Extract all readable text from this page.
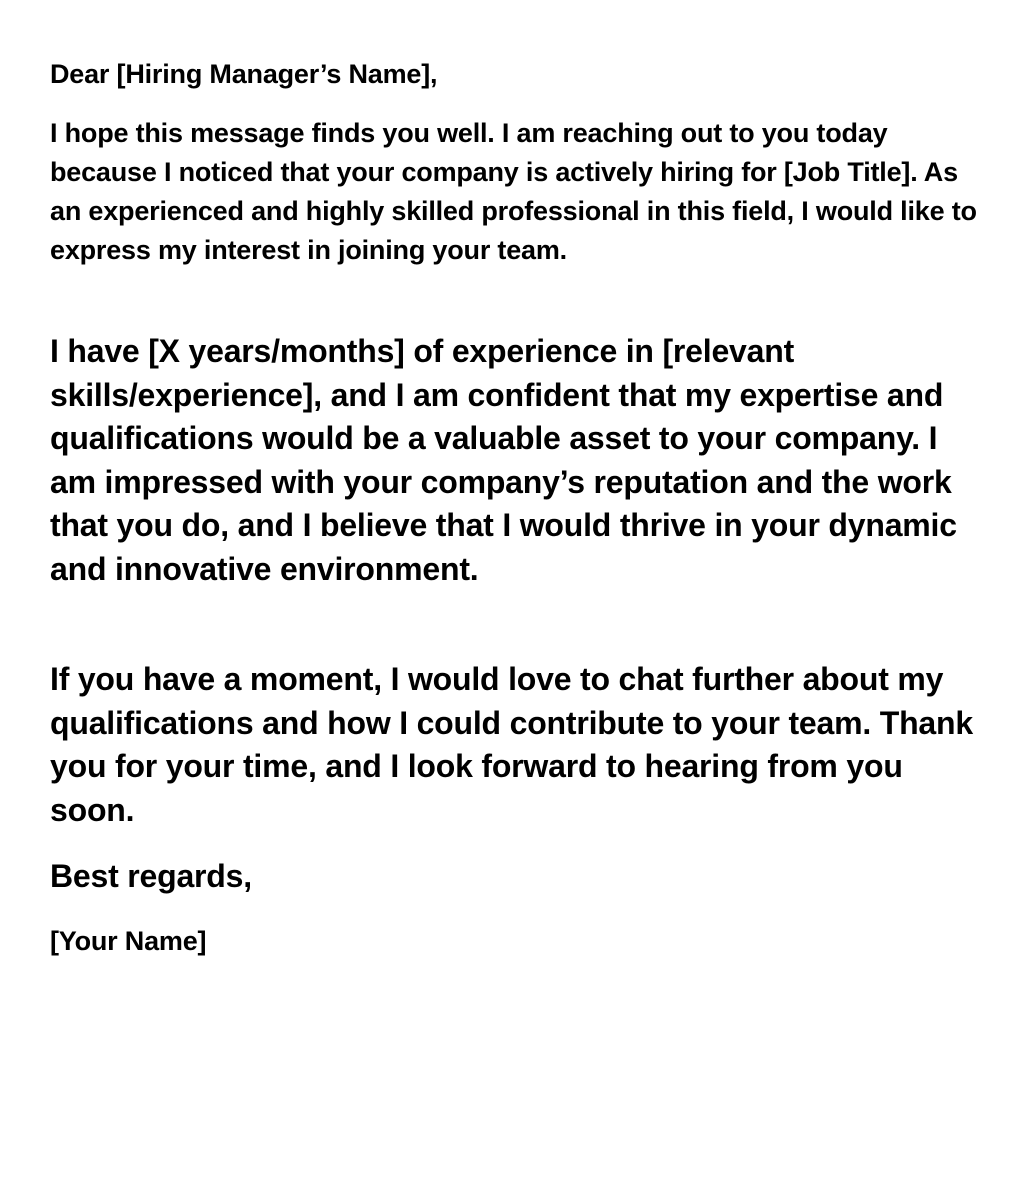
Dear [Hiring Manager’s Name],

I hope this message finds you well. I am reaching out to you today because I noticed that your company is actively hiring for [Job Title]. As an experienced and highly skilled professional in this field, I would like to express my interest in joining your team.

I have [X years/months] of experience in [relevant skills/experience], and I am confident that my expertise and qualifications would be a valuable asset to your company. I am impressed with your company’s reputation and the work that you do, and I believe that I would thrive in your dynamic and innovative environment.

If you have a moment, I would love to chat further about my qualifications and how I could contribute to your team. Thank you for your time, and I look forward to hearing from you soon.

Best regards,

[Your Name]
